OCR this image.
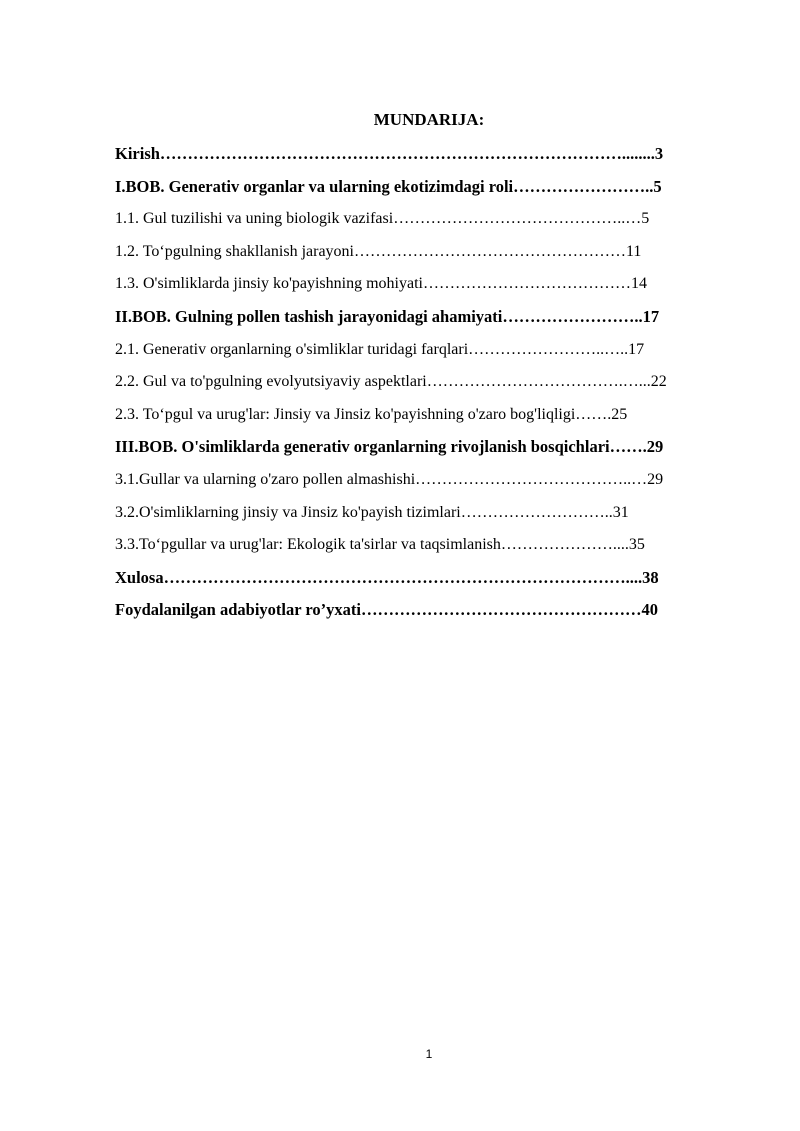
MUNDARIJA:
Kirish…………………………………………………………………………........3
I.BOB. Generativ organlar va ularning ekotizimdagi roli……………………..5
1.1. Gul tuzilishi va uning biologik vazifasi……………………………………..…5
1.2. To‘pgulning shakllanish jarayoni……………………………………………11
1.3. O'simliklarda jinsiy ko'payishning mohiyati…………………………………14
II.BOB. Gulning pollen tashish jarayonidagi ahamiyati……………………..17
2.1. Generativ organlarning o'simliklar turidagi farqlari……………………..…..17
2.2. Gul va to'pgulning evolyutsiyaviy aspektlari……………………………….…...22
2.3. To‘pgul va urug'lar: Jinsiy va Jinsiz ko'payishning o'zaro bog'liqligi…….25
III.BOB. O'simliklarda generativ organlarning rivojlanish bosqichlari…….29
3.1.Gullar va ularning o'zaro pollen almashishi…………………………………..…29
3.2.O'simliklarning jinsiy va Jinsiz ko'payish tizimlari………………………..31
3.3.To‘pgullar va urug'lar: Ekologik ta'sirlar va taqsimlanish…………………....35
Xulosa…………………………………………………………………………....38
Foydalanilgan adabiyotlar ro’yxati……………………………………………40
1
